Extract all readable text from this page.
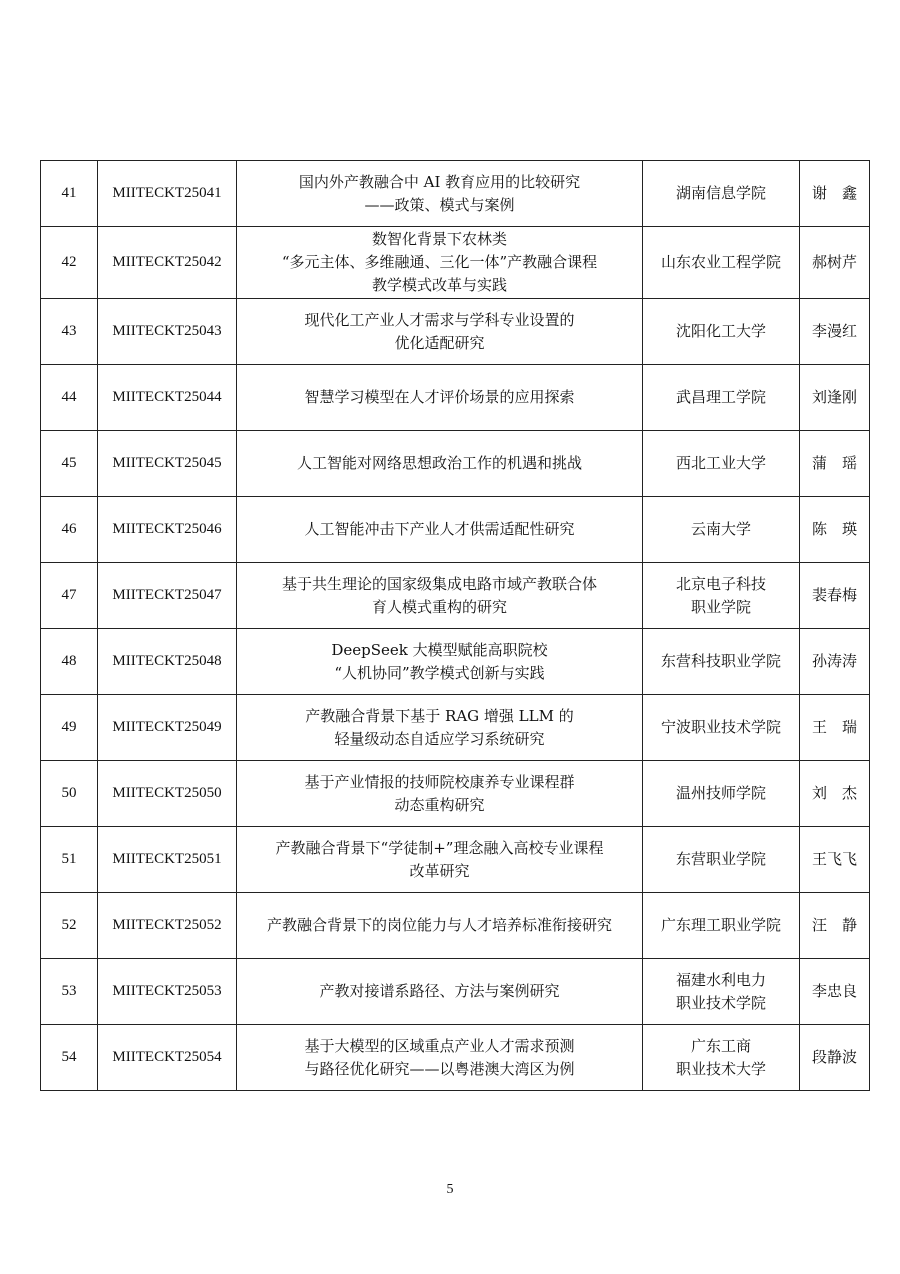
41	MIITECKT25041	国内外产教融合中 AI 教育应用的比较研究
——政策、模式与案例	湖南信息学院	谢　鑫
42	MIITECKT25042	数智化背景下农林类
“多元主体、多维融通、三化一体”产教融合课程
教学模式改革与实践	山东农业工程学院	郝树芹
43	MIITECKT25043	现代化工产业人才需求与学科专业设置的
优化适配研究	沈阳化工大学	李漫红
44	MIITECKT25044	智慧学习模型在人才评价场景的应用探索	武昌理工学院	刘逢刚
45	MIITECKT25045	人工智能对网络思想政治工作的机遇和挑战	西北工业大学	蒲　瑶
46	MIITECKT25046	人工智能冲击下产业人才供需适配性研究	云南大学	陈　瑛
47	MIITECKT25047	基于共生理论的国家级集成电路市域产教联合体
育人模式重构的研究	北京电子科技
职业学院	裴春梅
48	MIITECKT25048	DeepSeek 大模型赋能高职院校
“人机协同”教学模式创新与实践	东营科技职业学院	孙涛涛
49	MIITECKT25049	产教融合背景下基于 RAG 增强 LLM 的
轻量级动态自适应学习系统研究	宁波职业技术学院	王　瑞
50	MIITECKT25050	基于产业情报的技师院校康养专业课程群
动态重构研究	温州技师学院	刘　杰
51	MIITECKT25051	产教融合背景下“学徒制+”理念融入高校专业课程
改革研究	东营职业学院	王飞飞
52	MIITECKT25052	产教融合背景下的岗位能力与人才培养标准衔接研究	广东理工职业学院	汪　静
53	MIITECKT25053	产教对接谱系路径、方法与案例研究	福建水利电力
职业技术学院	李忠良
54	MIITECKT25054	基于大模型的区域重点产业人才需求预测
与路径优化研究——以粤港澳大湾区为例	广东工商
职业技术大学	段静波
5
